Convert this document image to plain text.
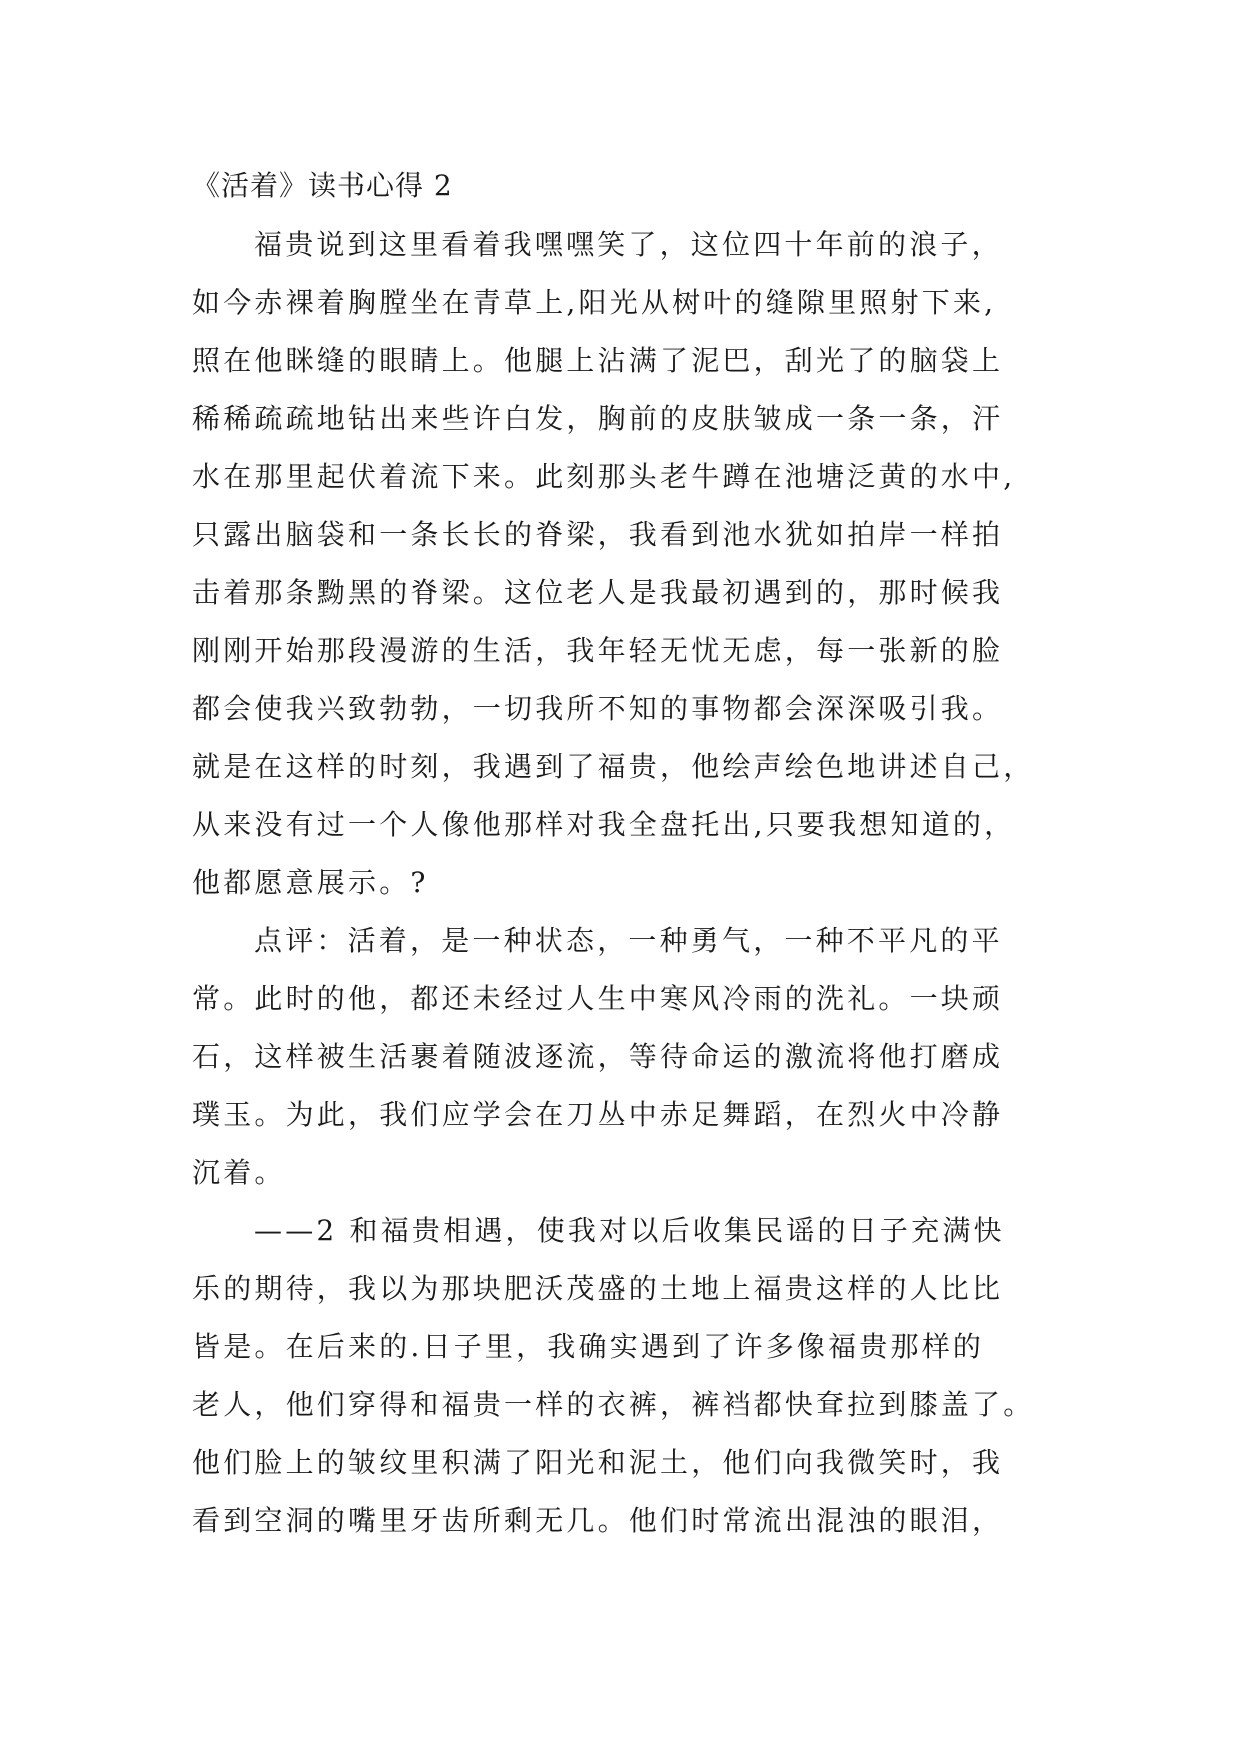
《活着》读书心得 2
福贵说到这里看着我嘿嘿笑了，这位四十年前的浪子，
如今赤裸着胸膛坐在青草上,阳光从树叶的缝隙里照射下来,
照在他眯缝的眼睛上。他腿上沾满了泥巴，刮光了的脑袋上
稀稀疏疏地钻出来些许白发，胸前的皮肤皱成一条一条，汗
水在那里起伏着流下来。此刻那头老牛蹲在池塘泛黄的水中,
只露出脑袋和一条长长的脊梁，我看到池水犹如拍岸一样拍
击着那条黝黑的脊梁。这位老人是我最初遇到的，那时候我
刚刚开始那段漫游的生活，我年轻无忧无虑，每一张新的脸
都会使我兴致勃勃，一切我所不知的事物都会深深吸引我。
就是在这样的时刻，我遇到了福贵，他绘声绘色地讲述自己，
从来没有过一个人像他那样对我全盘托出,只要我想知道的，
他都愿意展示。?
点评：活着，是一种状态，一种勇气，一种不平凡的平
常。此时的他，都还未经过人生中寒风冷雨的洗礼。一块顽
石，这样被生活裹着随波逐流，等待命运的激流将他打磨成
璞玉。为此，我们应学会在刀丛中赤足舞蹈，在烈火中冷静
沉着。
——2 和福贵相遇，使我对以后收集民谣的日子充满快
乐的期待，我以为那块肥沃茂盛的土地上福贵这样的人比比
皆是。在后来的.日子里，我确实遇到了许多像福贵那样的
老人，他们穿得和福贵一样的衣裤，裤裆都快耷拉到膝盖了。
他们脸上的皱纹里积满了阳光和泥土，他们向我微笑时，我
看到空洞的嘴里牙齿所剩无几。他们时常流出混浊的眼泪，
